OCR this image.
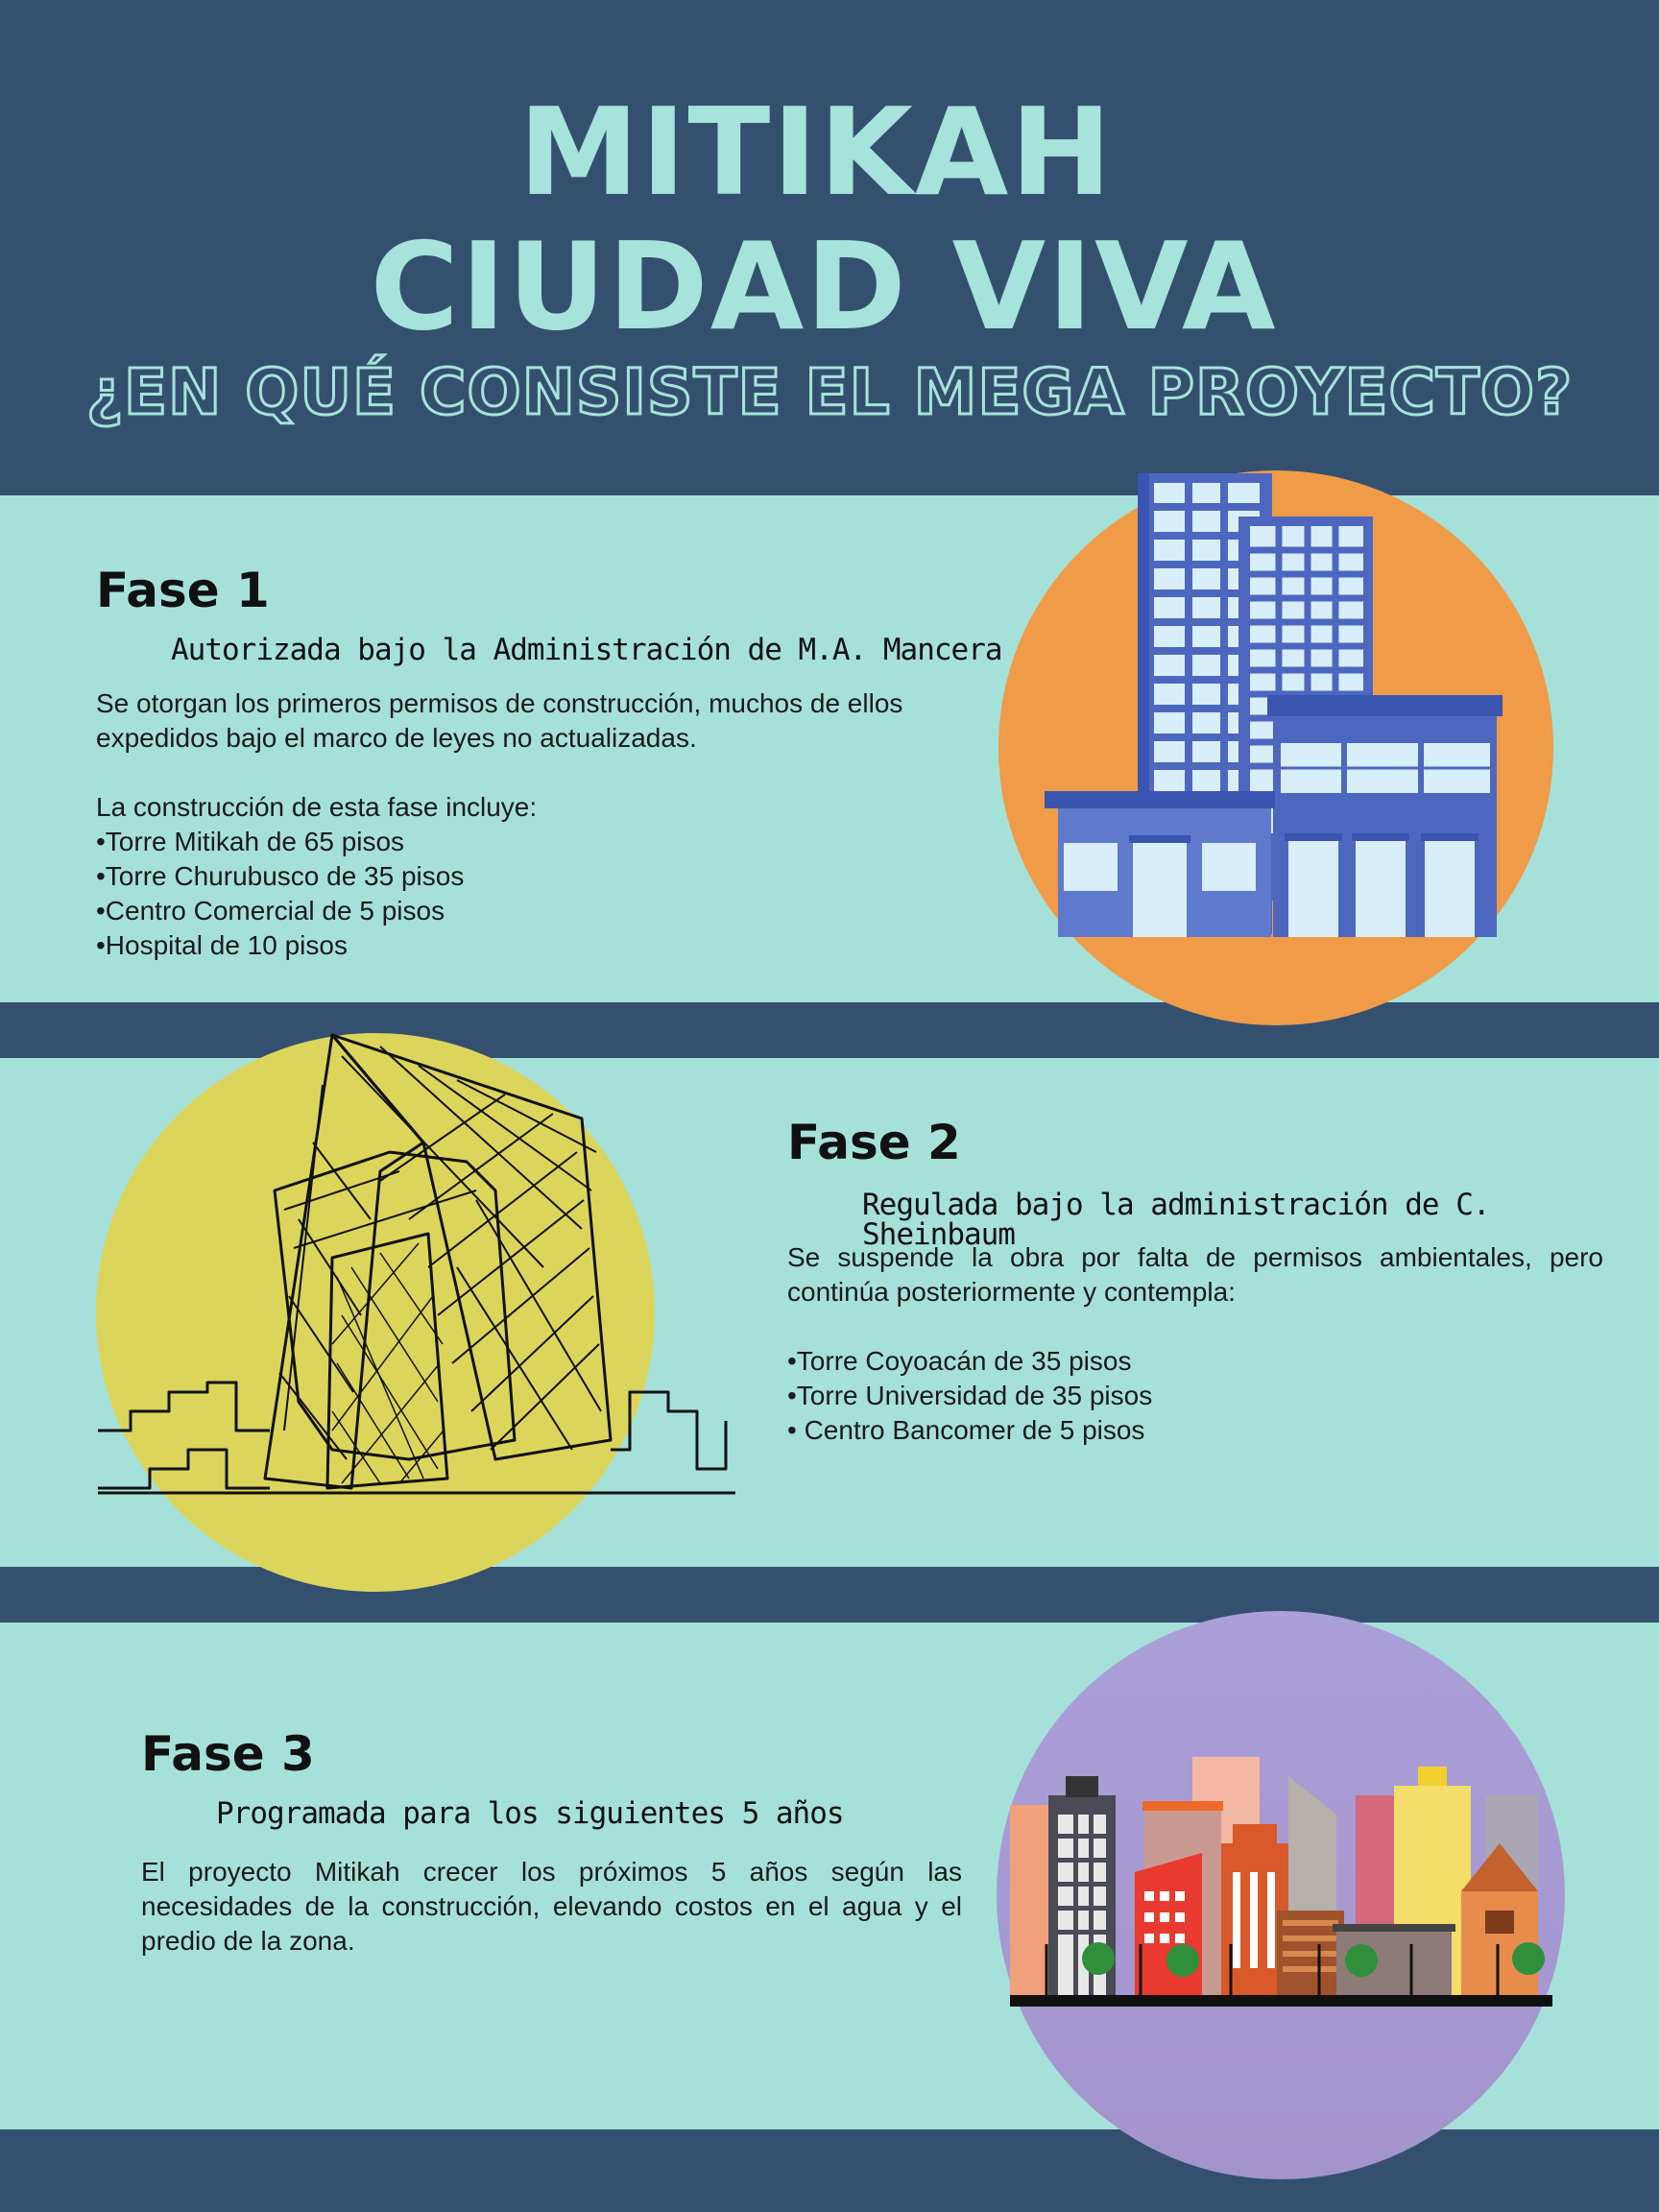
MITIKAH
CIUDAD VIVA
¿EN QUÉ CONSISTE EL MEGA PROYECTO?
Fase 1
Autorizada bajo la Administración de M.A. Mancera

Se otorgan los primeros permisos de construcción, muchos de ellos expedidos bajo el marco de leyes no actualizadas.

La construcción de esta fase incluye:

•Torre Mitikah de 65 pisos

•Torre Churubusco de 35 pisos

•Centro Comercial de 5 pisos

•Hospital de 10 pisos

Fase 2
Regulada bajo la administración de C. Sheinbaum

Se suspende la obra por falta de permisos ambientales, pero continúa posteriormente y contempla:

•Torre Coyoacán de 35 pisos

•Torre Universidad de 35 pisos

• Centro Bancomer de 5 pisos

Fase 3
Programada para los siguientes 5 años

El proyecto Mitikah crecer los próximos 5 años según las necesidades de la construcción, elevando costos en el agua y el predio de la zona.
